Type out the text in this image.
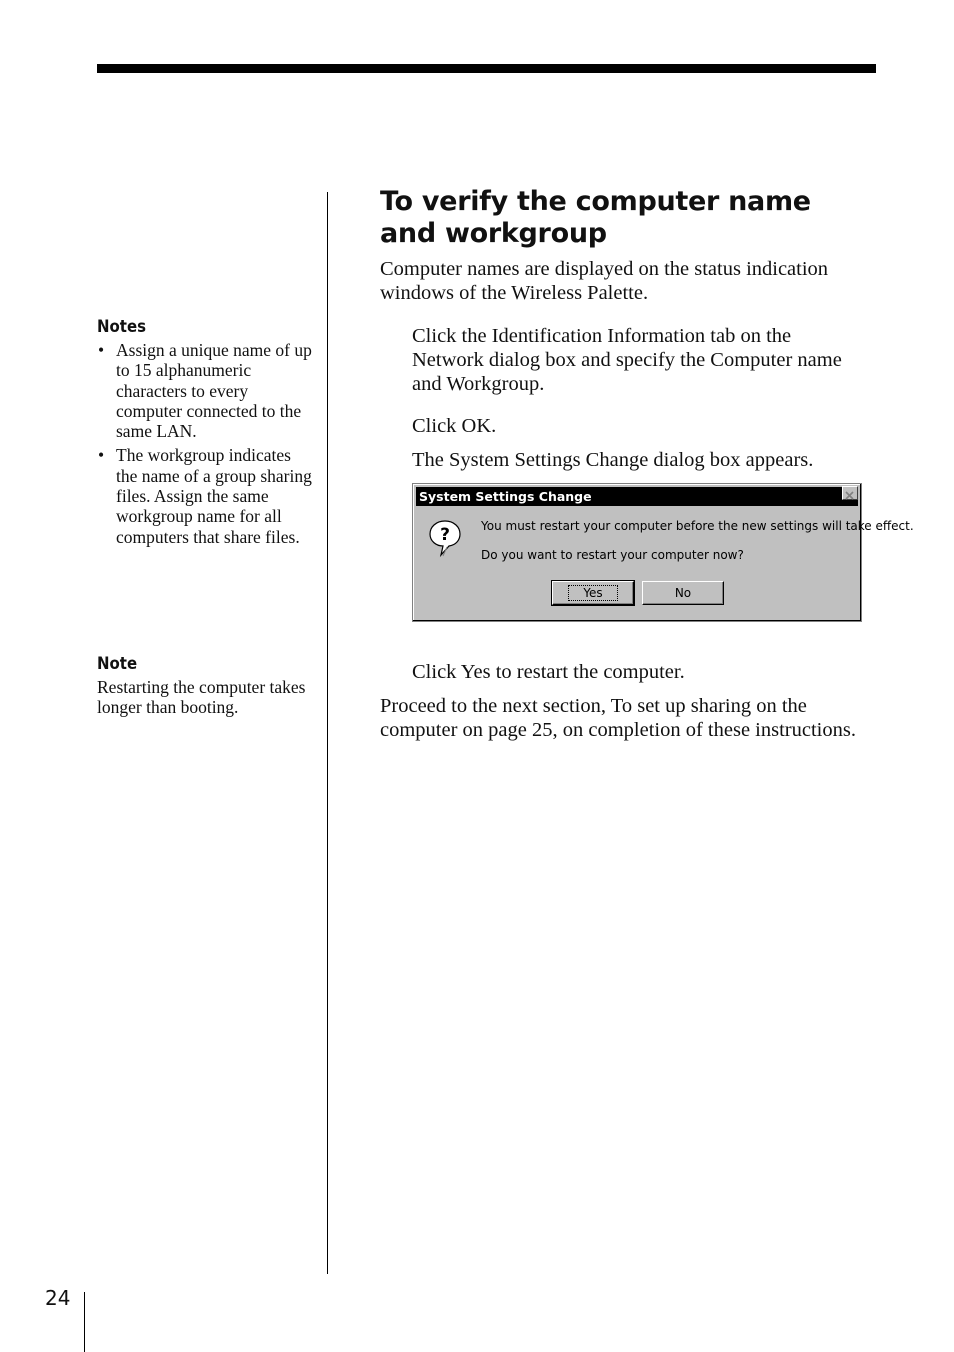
Notes
• Assign a unique name of up to 15 alphanumeric characters to every computer connected to the same LAN.
• The workgroup indicates the name of a group sharing files. Assign the same workgroup name for all computers that share files.
Note

Restarting the computer takes longer than booting.

To verify the computer name and workgroup
Computer names are displayed on the status indication windows of the Wireless Palette.
Click the Identification Information tab on the Network dialog box and specify the Computer name and Workgroup.
Click OK.
The System Settings Change dialog box appears.
System Settings Change
?	You must restart your computer before the new settings will take effect.
Do you want to restart your computer now?
Yes	No
Click Yes to restart the computer.
Proceed to the next section, To set up sharing on the computer on page 25, on completion of these instructions.
24
